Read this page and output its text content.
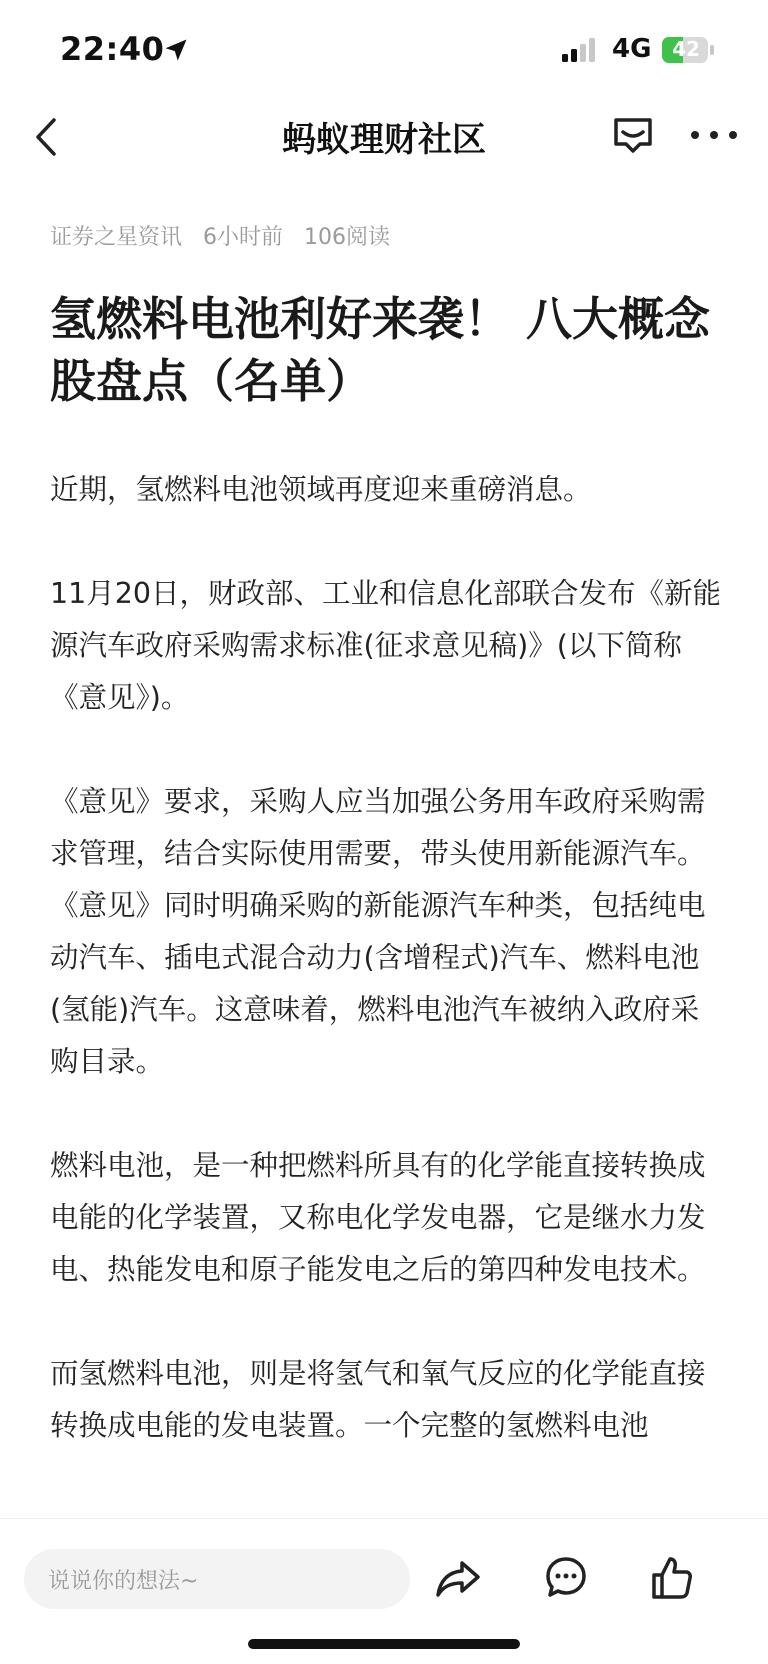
22:40	4G	42
蚂蚁理财社区
证券之星资讯 6小时前 106阅读
氢燃料电池利好来袭！ 八大概念股盘点（名单）

近期，氢燃料电池领域再度迎来重磅消息。

11月20日，财政部、工业和信息化部联合发布《新能源汽车政府采购需求标准(征求意见稿)》(以下简称《意见》)。

《意见》要求，采购人应当加强公务用车政府采购需求管理，结合实际使用需要，带头使用新能源汽车。《意见》同时明确采购的新能源汽车种类，包括纯电动汽车、插电式混合动力(含增程式)汽车、燃料电池(氢能)汽车。这意味着，燃料电池汽车被纳入政府采购目录。

燃料电池，是一种把燃料所具有的化学能直接转换成电能的化学装置，又称电化学发电器，它是继水力发电、热能发电和原子能发电之后的第四种发电技术。

而氢燃料电池，则是将氢气和氧气反应的化学能直接转换成电能的发电装置。一个完整的氢燃料电池

说说你的想法~
